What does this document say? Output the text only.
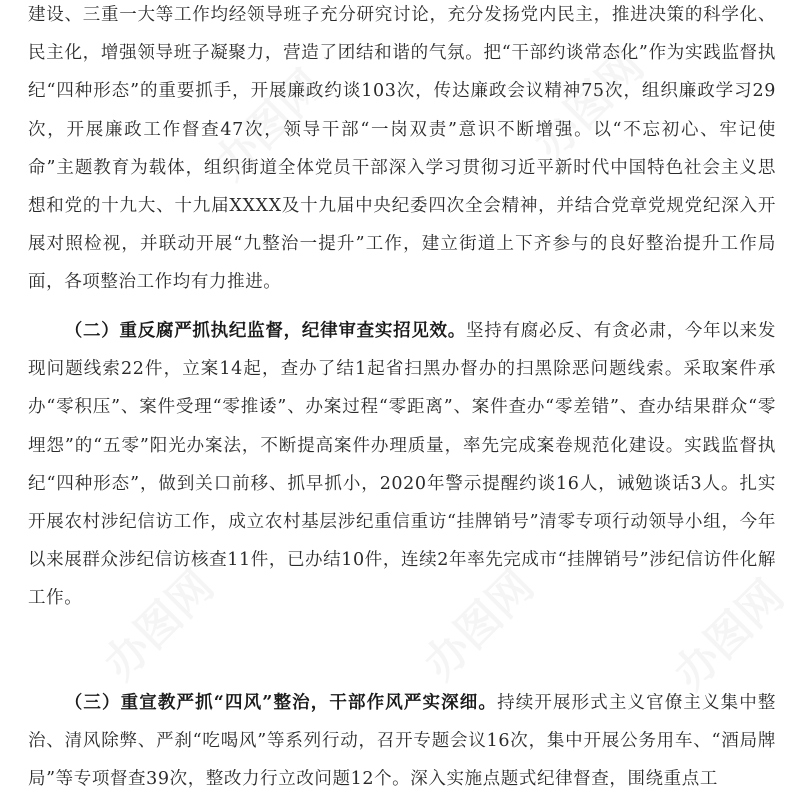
建设、三重一大等工作均经领导班子充分研究讨论，充分发扬党内民主，推进决策的科学化、民主化，增强领导班子凝聚力，营造了团结和谐的气氛。把“干部约谈常态化”作为实践监督执纪“四种形态”的重要抓手，开展廉政约谈103次，传达廉政会议精神75次，组织廉政学习29次，开展廉政工作督查47次，领导干部“一岗双责”意识不断增强。以“不忘初心、牢记使命”主题教育为载体，组织街道全体党员干部深入学习贯彻习近平新时代中国特色社会主义思想和党的十九大、十九届XXXX及十九届中央纪委四次全会精神，并结合党章党规党纪深入开展对照检视，并联动开展“九整治一提升”工作，建立街道上下齐参与的良好整治提升工作局面，各项整治工作均有力推进。

（二）重反腐严抓执纪监督，纪律审查实招见效。坚持有腐必反、有贪必肃，今年以来发现问题线索22件，立案14起，查办了结1起省扫黑办督办的扫黑除恶问题线索。采取案件承办“零积压”、案件受理“零推诿”、办案过程“零距离”、案件查办“零差错”、查办结果群众“零埋怨”的“五零”阳光办案法，不断提高案件办理质量，率先完成案卷规范化建设。实践监督执纪“四种形态”，做到关口前移、抓早抓小，2020年警示提醒约谈16人，诫勉谈话3人。扎实开展农村涉纪信访工作，成立农村基层涉纪重信重访“挂牌销号”清零专项行动领导小组，今年以来展群众涉纪信访核查11件，已办结10件，连续2年率先完成市“挂牌销号”涉纪信访件化解工作。

（三）重宣教严抓“四风”整治，干部作风严实深细。持续开展形式主义官僚主义集中整治、清风除弊、严刹“吃喝风”等系列行动，召开专题会议16次，集中开展公务用车、“酒局牌局”等专项督查39次，整改力行立改问题12个。深入实施点题式纪律督查，围绕重点工

办图网	办图网
办图网	办图网	办图网
